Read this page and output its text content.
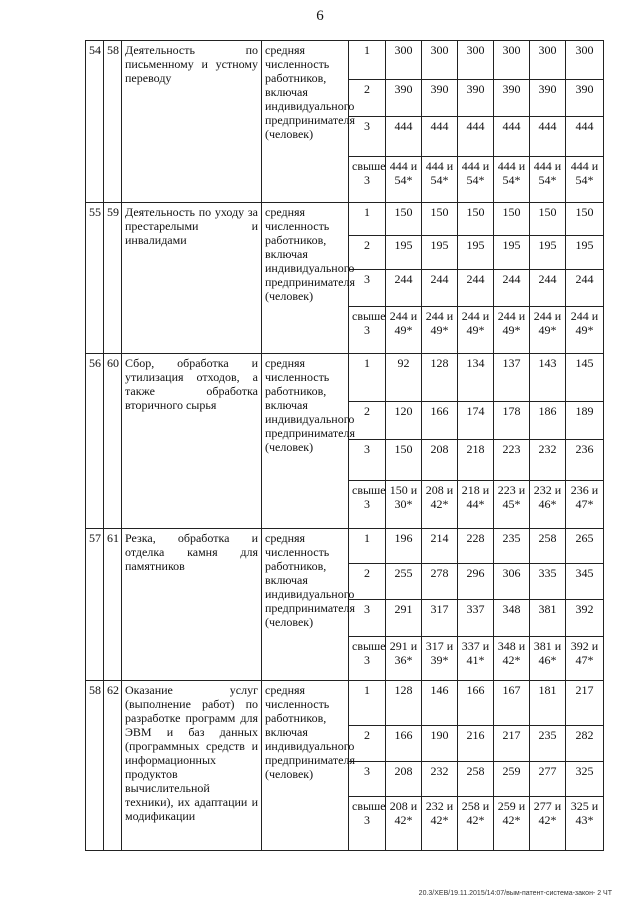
6
54	58	Деятельность по письменному и устному переводу	средняя численность работников, включая индивидуального предпринимателя (человек)	1	300	300	300	300	300	300
				2	390	390	390	390	390	390
				3	444	444	444	444	444	444
				свыше 3	444 и 54*	444 и 54*	444 и 54*	444 и 54*	444 и 54*	444 и 54*
55	59	Деятельность по уходу за престарелыми и инвалидами	средняя численность работников, включая индивидуального предпринимателя (человек)	1	150	150	150	150	150	150
				2	195	195	195	195	195	195
				3	244	244	244	244	244	244
				свыше 3	244 и 49*	244 и 49*	244 и 49*	244 и 49*	244 и 49*	244 и 49*
56	60	Сбор, обработка и утилизация отходов, а также обработка вторичного сырья	средняя численность работников, включая индивидуального предпринимателя (человек)	1	92	128	134	137	143	145
				2	120	166	174	178	186	189
				3	150	208	218	223	232	236
				свыше 3	150 и 30*	208 и 42*	218 и 44*	223 и 45*	232 и 46*	236 и 47*
57	61	Резка, обработка и отделка камня для памятников	средняя численность работников, включая индивидуального предпринимателя (человек)	1	196	214	228	235	258	265
				2	255	278	296	306	335	345
				3	291	317	337	348	381	392
				свыше 3	291 и 36*	317 и 39*	337 и 41*	348 и 42*	381 и 46*	392 и 47*
58	62	Оказание услуг (выполнение работ) по разработке программ для ЭВМ и баз данных (программных средств и информационных продуктов вычислительной техники), их адаптации и модификации	средняя численность работников, включая индивидуального предпринимателя (человек)	1	128	146	166	167	181	217
				2	166	190	216	217	235	282
				3	208	232	258	259	277	325
				свыше 3	208 и 42*	232 и 42*	258 и 42*	259 и 42*	277 и 42*	325 и 43*
20.3/ХЕВ/19.11.2015/14:07/вым-патент-система-закон- 2 ЧТ
